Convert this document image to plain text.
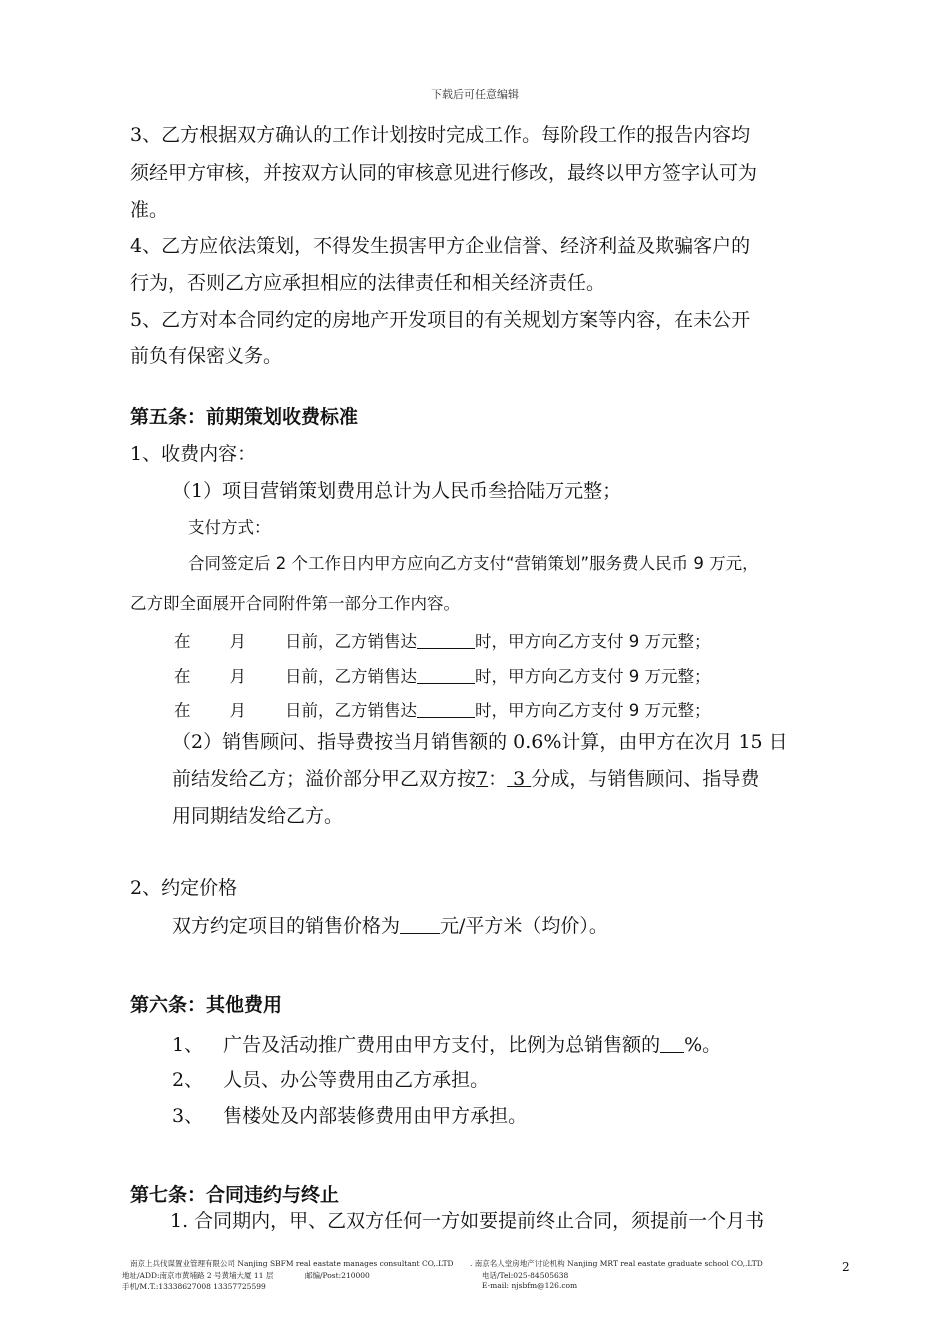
下载后可任意编辑
3、乙方根据双方确认的工作计划按时完成工作。每阶段工作的报告内容均
须经甲方审核，并按双方认同的审核意见进行修改，最终以甲方签字认可为
准。
4、乙方应依法策划，不得发生损害甲方企业信誉、经济利益及欺骗客户的
行为，否则乙方应承担相应的法律责任和相关经济责任。
5、乙方对本合同约定的房地产开发项目的有关规划方案等内容，在未公开
前负有保密义务。
第五条：前期策划收费标准
1、收费内容：
（1）项目营销策划费用总计为人民币叁拾陆万元整；
支付方式：
合同签定后 2 个工作日内甲方应向乙方支付“营销策划”服务费人民币 9 万元，
乙方即全面展开合同附件第一部分工作内容。
在 月 日前，乙方销售达	时，甲方向乙方支付 9 万元整；
在 月 日前，乙方销售达	时，甲方向乙方支付 9 万元整；
在 月 日前，乙方销售达	时，甲方向乙方支付 9 万元整；
（2）销售顾问、指导费按当月销售额的 0.6%计算，由甲方在次月 15 日
前结发给乙方；溢价部分甲乙双方按7： 3 分成，与销售顾问、指导费
用同期结发给乙方。
2、约定价格
双方约定项目的销售价格为 元/平方米（均价）。
第六条：其他费用
1、 广告及活动推广费用由甲方支付，比例为总销售额的 %。
2、 人员、办公等费用由乙方承担。
3、 售楼处及内部装修费用由甲方承担。
第七条：合同违约与终止
1. 合同期内，甲、乙双方任何一方如要提前终止合同，须提前一个月书
南京上兵伐谋置业管理有限公司 Nanjing SBFM real eastate manages consultant CO,.LTD . 南京名人堂房地产讨论机构 Nanjing MRT real eastate graduate school CO,.LTD
地址/ADD:南京市黄埔路 2 号黄埔大厦 11 层	邮编/Post:210000	电话/Tel:025-84505638
手机/M.T.:13338627008 13357725599	E-mail: njsbfm@126.com
2
